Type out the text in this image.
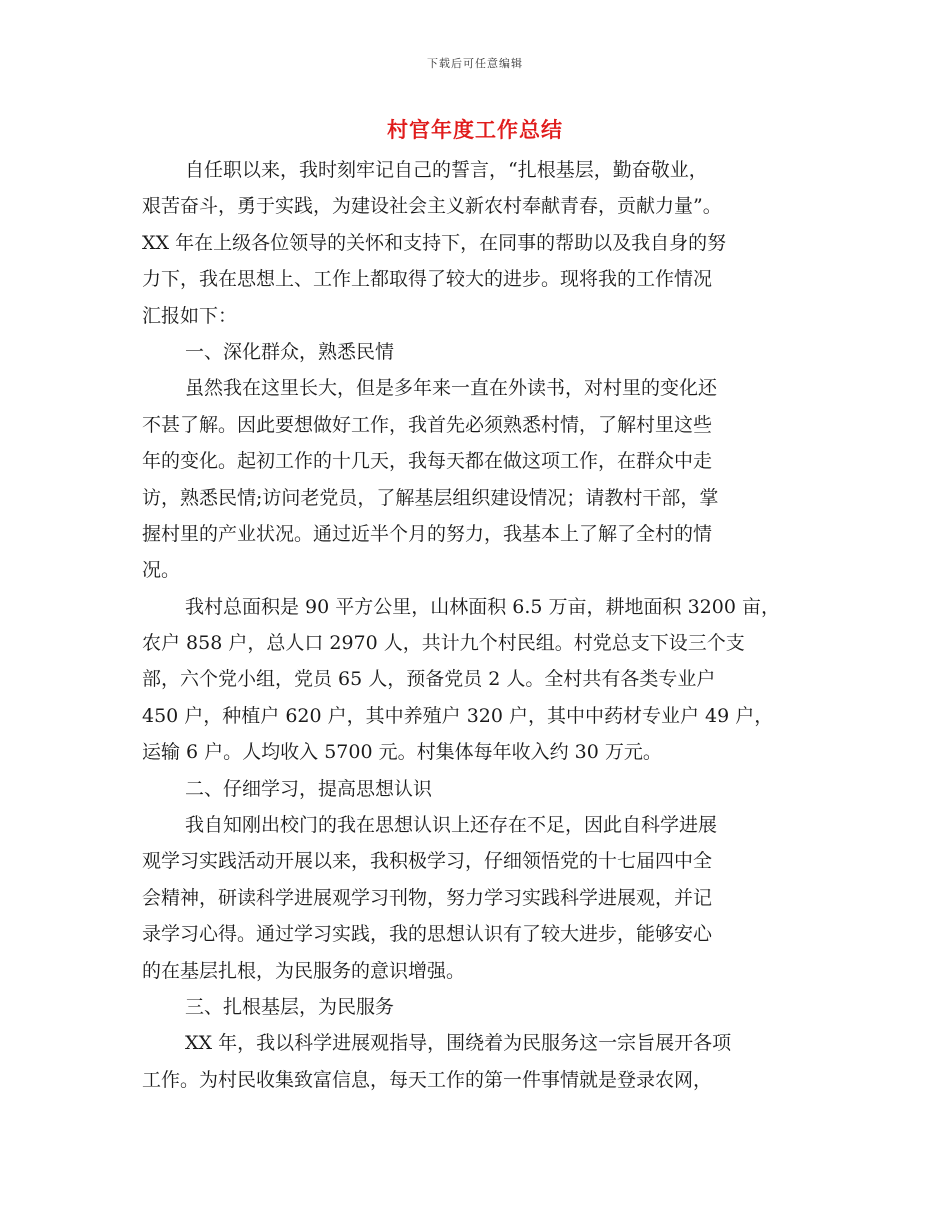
下载后可任意编辑
村官年度工作总结
自任职以来，我时刻牢记自己的誓言，“扎根基层，勤奋敬业，
艰苦奋斗，勇于实践，为建设社会主义新农村奉献青春，贡献力量”。
XX 年在上级各位领导的关怀和支持下，在同事的帮助以及我自身的努
力下，我在思想上、工作上都取得了较大的进步。现将我的工作情况
汇报如下：
一、深化群众，熟悉民情
虽然我在这里长大，但是多年来一直在外读书，对村里的变化还
不甚了解。因此要想做好工作，我首先必须熟悉村情，了解村里这些
年的变化。起初工作的十几天，我每天都在做这项工作，在群众中走
访，熟悉民情;访问老党员，了解基层组织建设情况；请教村干部，掌
握村里的产业状况。通过近半个月的努力，我基本上了解了全村的情
况。
我村总面积是 90 平方公里，山林面积 6.5 万亩，耕地面积 3200 亩，
农户 858 户，总人口 2970 人，共计九个村民组。村党总支下设三个支
部，六个党小组，党员 65 人，预备党员 2 人。全村共有各类专业户
450 户，种植户 620 户，其中养殖户 320 户，其中中药材专业户 49 户，
运输 6 户。人均收入 5700 元。村集体每年收入约 30 万元。
二、仔细学习，提高思想认识
我自知刚出校门的我在思想认识上还存在不足，因此自科学进展
观学习实践活动开展以来，我积极学习，仔细领悟党的十七届四中全
会精神，研读科学进展观学习刊物，努力学习实践科学进展观，并记
录学习心得。通过学习实践，我的思想认识有了较大进步，能够安心
的在基层扎根，为民服务的意识增强。
三、扎根基层，为民服务
XX 年，我以科学进展观指导，围绕着为民服务这一宗旨展开各项
工作。为村民收集致富信息，每天工作的第一件事情就是登录农网，
